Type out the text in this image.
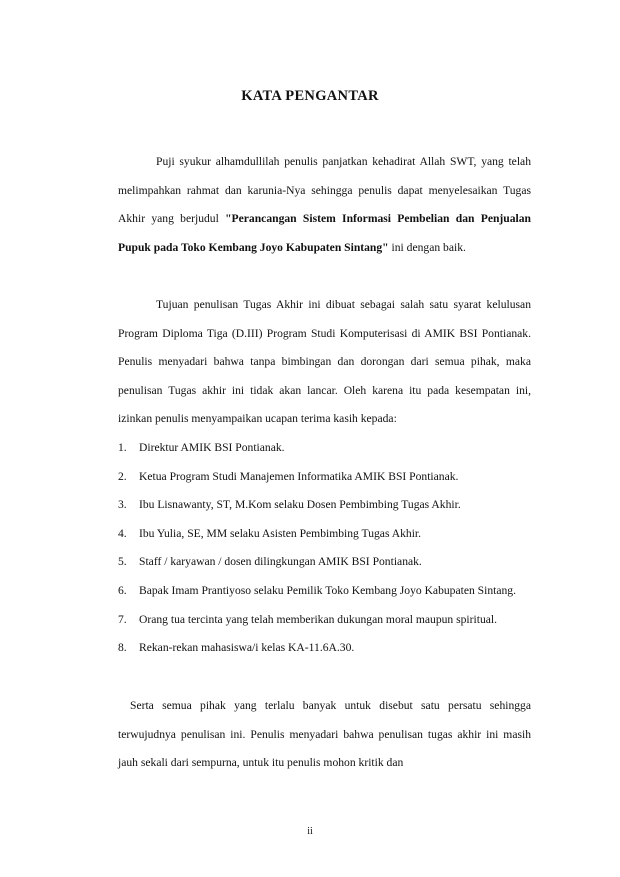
KATA PENGANTAR
Puji syukur alhamdullilah penulis panjatkan kehadirat Allah SWT, yang telah melimpahkan rahmat dan karunia-Nya sehingga penulis dapat menyelesaikan Tugas Akhir yang berjudul "Perancangan Sistem Informasi Pembelian dan Penjualan Pupuk pada Toko Kembang Joyo Kabupaten Sintang" ini dengan baik.
Tujuan penulisan Tugas Akhir ini dibuat sebagai salah satu syarat kelulusan Program Diploma Tiga (D.III) Program Studi Komputerisasi di AMIK BSI Pontianak. Penulis menyadari bahwa tanpa bimbingan dan dorongan dari semua pihak, maka penulisan Tugas akhir ini tidak akan lancar. Oleh karena itu pada kesempatan ini, izinkan penulis menyampaikan ucapan terima kasih kepada:
1. Direktur AMIK BSI Pontianak.
2. Ketua Program Studi Manajemen Informatika AMIK BSI Pontianak.
3. Ibu Lisnawanty, ST, M.Kom selaku Dosen Pembimbing Tugas Akhir.
4. Ibu Yulia, SE, MM selaku Asisten Pembimbing Tugas Akhir.
5. Staff / karyawan / dosen dilingkungan AMIK BSI Pontianak.
6. Bapak Imam Prantiyoso selaku Pemilik Toko Kembang Joyo Kabupaten Sintang.
7. Orang tua tercinta yang telah memberikan dukungan moral maupun spiritual.
8. Rekan-rekan mahasiswa/i kelas KA-11.6A.30.
Serta semua pihak yang terlalu banyak untuk disebut satu persatu sehingga terwujudnya penulisan ini. Penulis menyadari bahwa penulisan tugas akhir ini masih jauh sekali dari sempurna, untuk itu penulis mohon kritik dan
ii
